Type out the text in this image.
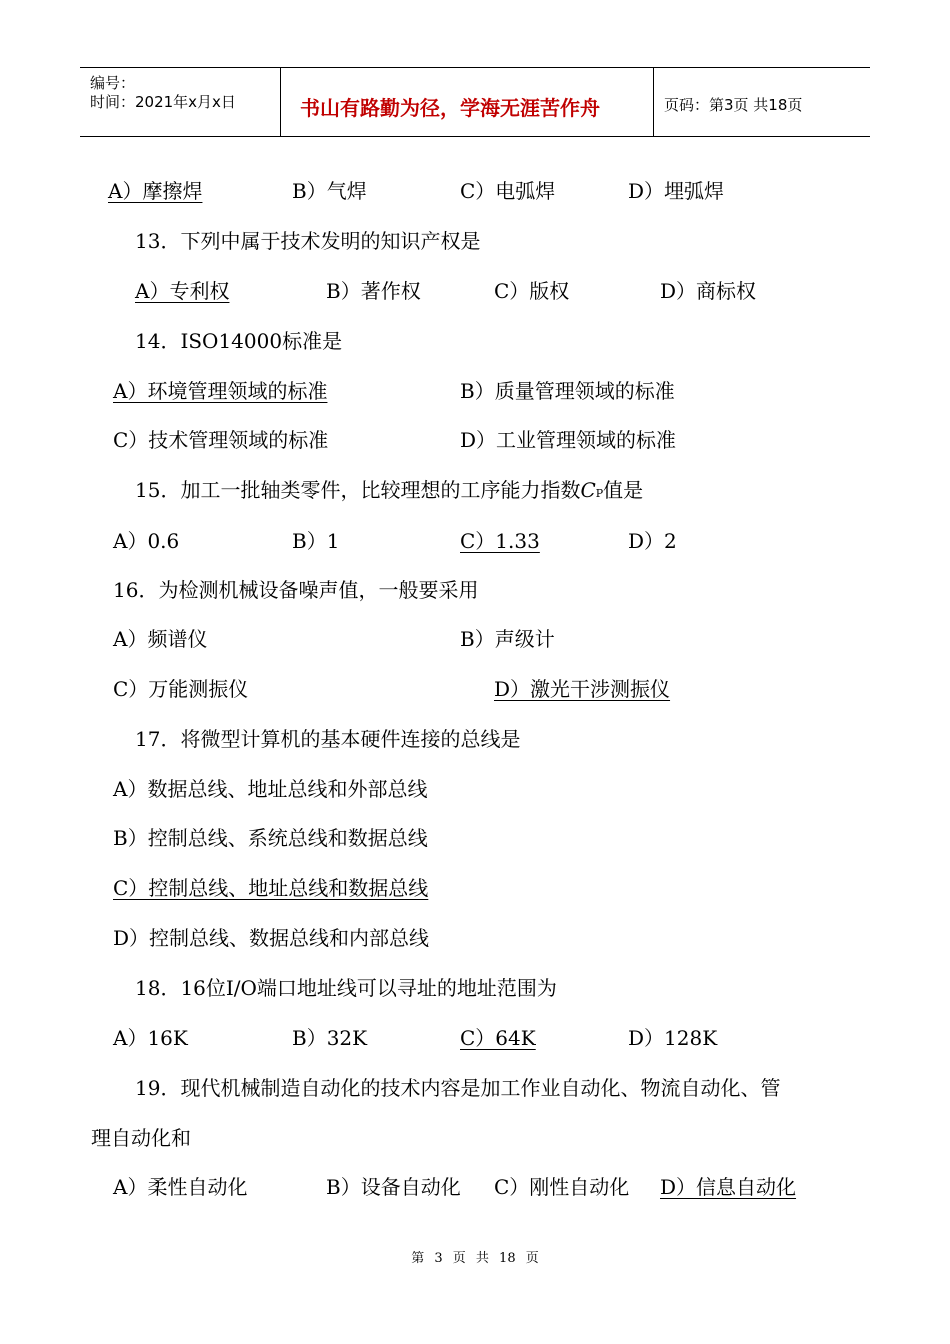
编号：
时间：2021年x月x日	书山有路勤为径，学海无涯苦作舟	页码：第3页 共18页
A）摩擦焊	B）气焊	C）电弧焊	D）埋弧焊
13．下列中属于技术发明的知识产权是
A）专利权	B）著作权	C）版权	D）商标权
14．ISO14000标准是
A）环境管理领域的标准	B）质量管理领域的标准
C）技术管理领域的标准	D）工业管理领域的标准
15．加工一批轴类零件，比较理想的工序能力指数CP值是
A）0.6	B）1	C）1.33	D）2
16．为检测机械设备噪声值，一般要采用
A）频谱仪	B）声级计
C）万能测振仪	D）激光干涉测振仪
17．将微型计算机的基本硬件连接的总线是
A）数据总线、地址总线和外部总线
B）控制总线、系统总线和数据总线
C）控制总线、地址总线和数据总线
D）控制总线、数据总线和内部总线
18．16位I/O端口地址线可以寻址的地址范围为
A）16K	B）32K	C）64K	D）128K
19．现代机械制造自动化的技术内容是加工作业自动化、物流自动化、管
理自动化和
A）柔性自动化	B）设备自动化 C）刚性自动化 D）信息自动化
第 3 页 共 18 页
